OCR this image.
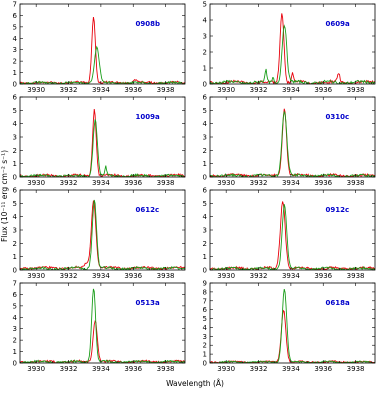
Flux (10⁻¹¹ erg cm⁻² s⁻¹)
Wavelength (Å)
3930 3932 3934 3936 3938
0
1
2
3
4
5
6
7
0908b
3930 3932 3934 3936 3938
0
1
2
3
4
5
0609a
3930 3932 3934 3936 3938
0
1
2
3
4
5
6
1009a
3930 3932 3934 3936 3938
0
1
2
3
4
5
6
0310c
3930 3932 3934 3936 3938
0
1
2
3
4
5
6
0612c
3930 3932 3934 3936 3938
0
1
2
3
4
5
6
0912c
3930 3932 3934 3936 3938
0
1
2
3
4
5
6
7
0513a
3930 3932 3934 3936 3938
0
1
2
3
4
5
6
7
8
9
0618a
